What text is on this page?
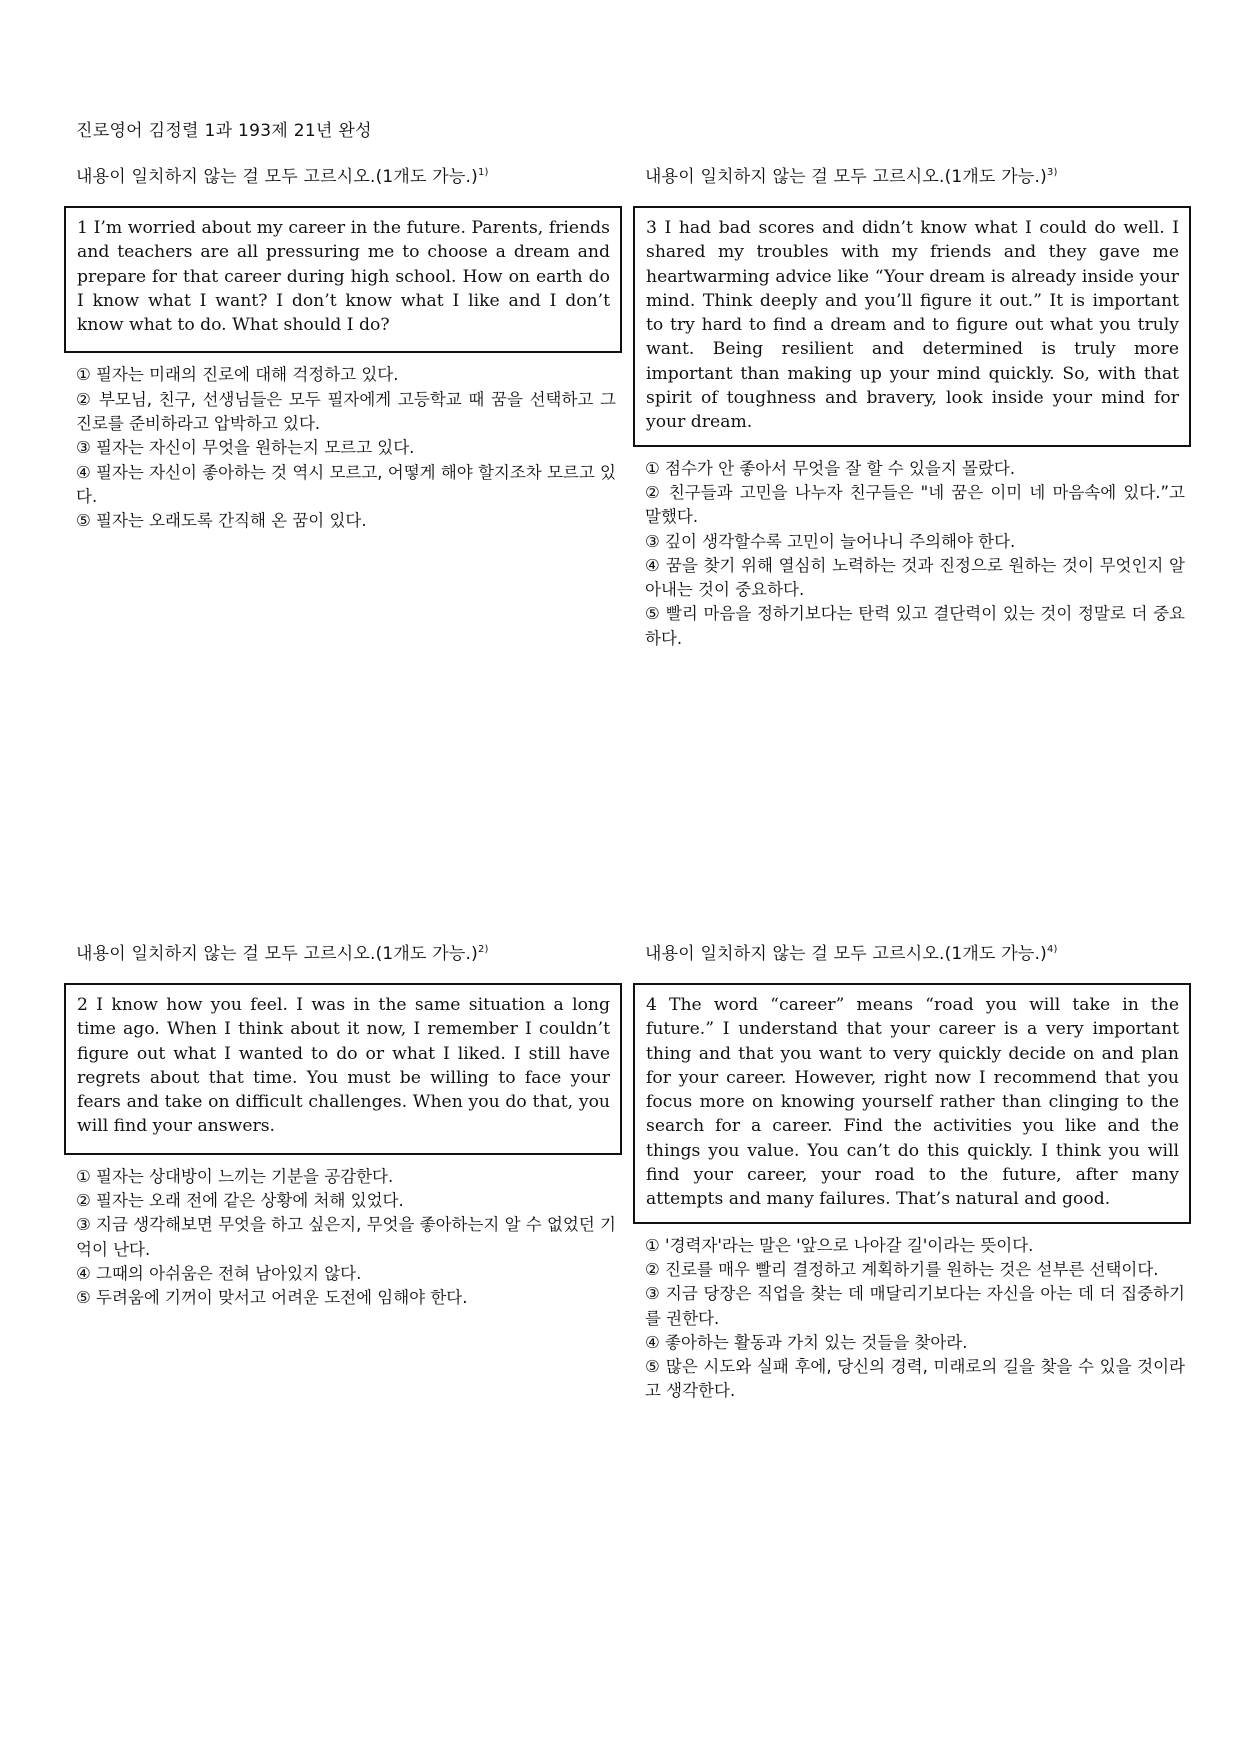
진로영어 김정렬 1과 193제 21년 완성
내용이 일치하지 않는 걸 모두 고르시오.(1개도 가능.)$^{1)}$
1 I’m worried about my career in the future. Parents, friends and teachers are all pressuring me to choose a dream and prepare for that career during high school. How on earth do I know what I want? I don’t know what I like and I don’t know what to do. What should I do?
① 필자는 미래의 진로에 대해 걱정하고 있다.
② 부모님, 친구, 선생님들은 모두 필자에게 고등학교 때 꿈을 선택하고 그 진로를 준비하라고 압박하고 있다.
③ 필자는 자신이 무엇을 원하는지 모르고 있다.
④ 필자는 자신이 좋아하는 것 역시 모르고, 어떻게 해야 할지조차 모르고 있다.
⑤ 필자는 오래도록 간직해 온 꿈이 있다.
내용이 일치하지 않는 걸 모두 고르시오.(1개도 가능.)$^{3)}$
3 I had bad scores and didn’t know what I could do well. I shared my troubles with my friends and they gave me heartwarming advice like “Your dream is already inside your mind. Think deeply and you’ll figure it out.” It is important to try hard to find a dream and to figure out what you truly want. Being resilient and determined is truly more important than making up your mind quickly. So, with that spirit of toughness and bravery, look inside your mind for your dream.
① 점수가 안 좋아서 무엇을 잘 할 수 있을지 몰랐다.
② 친구들과 고민을 나누자 친구들은 "네 꿈은 이미 네 마음속에 있다.”고 말했다.
③ 깊이 생각할수록 고민이 늘어나니 주의해야 한다.
④ 꿈을 찾기 위해 열심히 노력하는 것과 진정으로 원하는 것이 무엇인지 알아내는 것이 중요하다.
⑤ 빨리 마음을 정하기보다는 탄력 있고 결단력이 있는 것이 정말로 더 중요하다.
내용이 일치하지 않는 걸 모두 고르시오.(1개도 가능.)$^{2)}$
2 I know how you feel. I was in the same situation a long time ago. When I think about it now, I remember I couldn’t figure out what I wanted to do or what I liked. I still have regrets about that time. You must be willing to face your fears and take on difficult challenges. When you do that, you will find your answers.
① 필자는 상대방이 느끼는 기분을 공감한다.
② 필자는 오래 전에 같은 상황에 처해 있었다.
③ 지금 생각해보면 무엇을 하고 싶은지, 무엇을 좋아하는지 알 수 없었던 기억이 난다.
④ 그때의 아쉬움은 전혀 남아있지 않다.
⑤ 두려움에 기꺼이 맞서고 어려운 도전에 임해야 한다.
내용이 일치하지 않는 걸 모두 고르시오.(1개도 가능.)$^{4)}$
4 The word “career” means “road you will take in the future.” I understand that your career is a very important thing and that you want to very quickly decide on and plan for your career. However, right now I recommend that you focus more on knowing yourself rather than clinging to the search for a career. Find the activities you like and the things you value. You can’t do this quickly. I think you will find your career, your road to the future, after many attempts and many failures. That’s natural and good.
① '경력자'라는 말은 '앞으로 나아갈 길'이라는 뜻이다.
② 진로를 매우 빨리 결정하고 계획하기를 원하는 것은 섣부른 선택이다.
③ 지금 당장은 직업을 찾는 데 매달리기보다는 자신을 아는 데 더 집중하기를 권한다.
④ 좋아하는 활동과 가치 있는 것들을 찾아라.
⑤ 많은 시도와 실패 후에, 당신의 경력, 미래로의 길을 찾을 수 있을 것이라고 생각한다.
